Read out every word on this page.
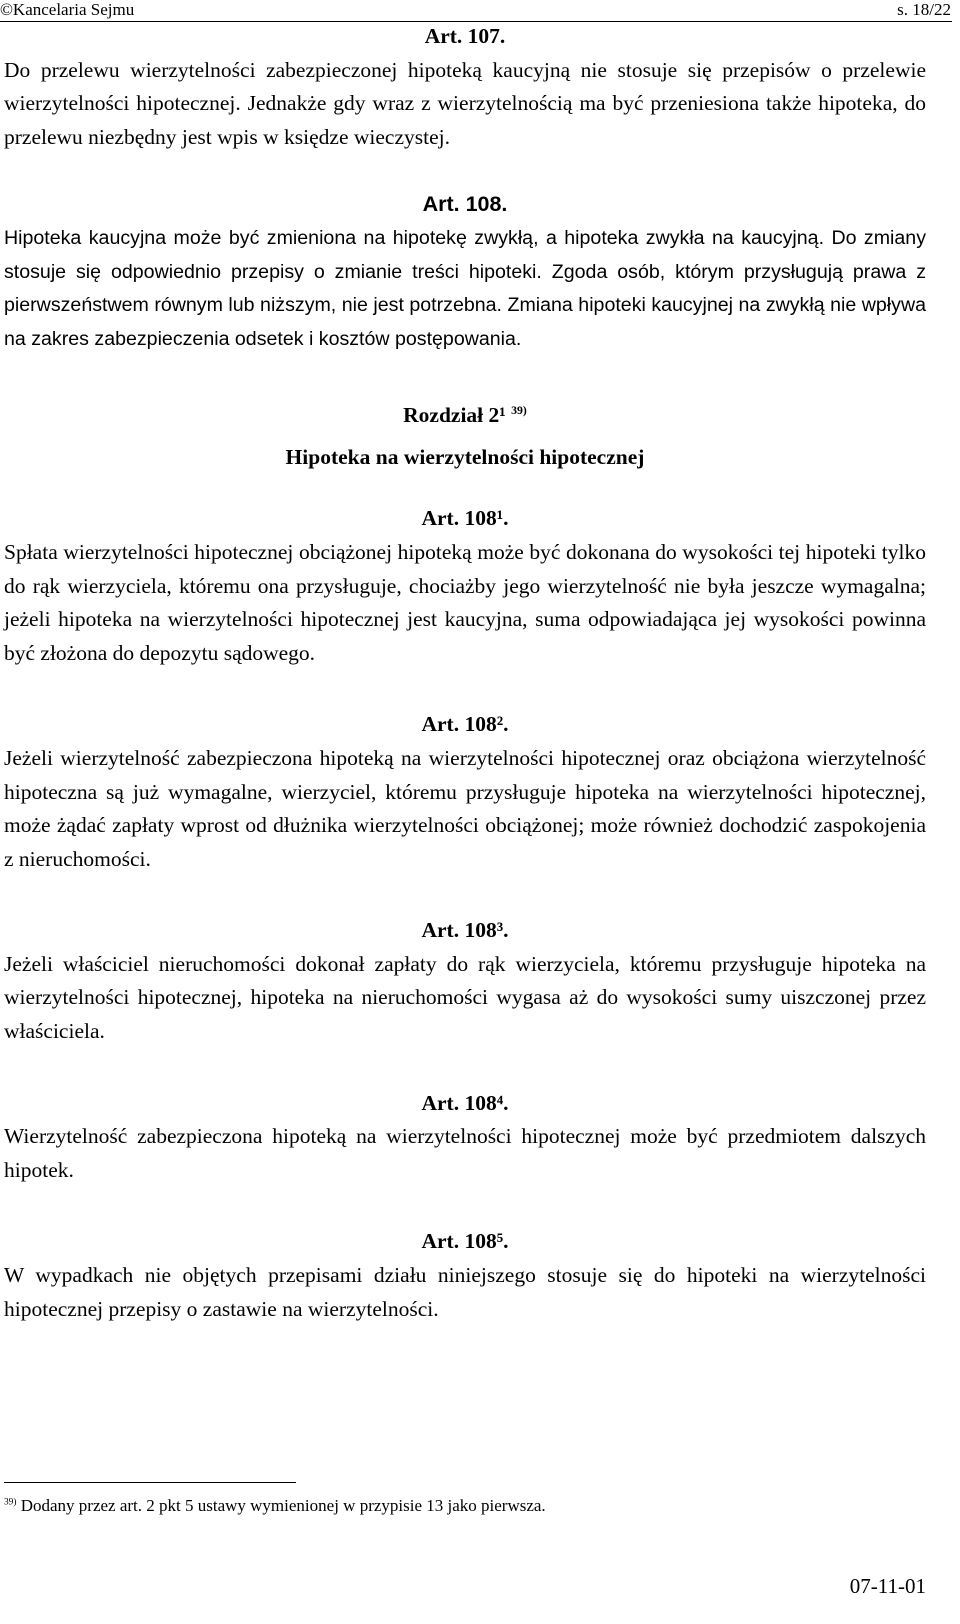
©Kancelaria Sejmu	s. 18/22

Art. 107.

Do przelewu wierzytelności zabezpieczonej hipoteką kaucyjną nie stosuje się przepisów o przelewie wierzytelności hipotecznej. Jednakże gdy wraz z wierzytelnością ma być przeniesiona także hipoteka, do przelewu niezbędny jest wpis w księdze wieczystej.

Art. 108.

Hipoteka kaucyjna może być zmieniona na hipotekę zwykłą, a hipoteka zwykła na kaucyjną. Do zmiany stosuje się odpowiednio przepisy o zmianie treści hipoteki. Zgoda osób, którym przysługują prawa z pierwszeństwem równym lub niższym, nie jest potrzebna. Zmiana hipoteki kaucyjnej na zwykłą nie wpływa na zakres zabezpieczenia odsetek i kosztów postępowania.

Rozdział 2¹ $^{39)}$

Hipoteka na wierzytelności hipotecznej

Art. 108¹.

Spłata wierzytelności hipotecznej obciążonej hipoteką może być dokonana do wysokości tej hipoteki tylko do rąk wierzyciela, któremu ona przysługuje, chociażby jego wierzytelność nie była jeszcze wymagalna; jeżeli hipoteka na wierzytelności hipotecznej jest kaucyjna, suma odpowiadająca jej wysokości powinna być złożona do depozytu sądowego.

Art. 108².

Jeżeli wierzytelność zabezpieczona hipoteką na wierzytelności hipotecznej oraz obciążona wierzytelność hipoteczna są już wymagalne, wierzyciel, któremu przysługuje hipoteka na wierzytelności hipotecznej, może żądać zapłaty wprost od dłużnika wierzytelności obciążonej; może również dochodzić zaspokojenia z nieruchomości.

Art. 108³.

Jeżeli właściciel nieruchomości dokonał zapłaty do rąk wierzyciela, któremu przysługuje hipoteka na wierzytelności hipotecznej, hipoteka na nieruchomości wygasa aż do wysokości sumy uiszczonej przez właściciela.

Art. 108⁴.

Wierzytelność zabezpieczona hipoteką na wierzytelności hipotecznej może być przedmiotem dalszych hipotek.

Art. 108⁵.

W wypadkach nie objętych przepisami działu niniejszego stosuje się do hipoteki na wierzytelności hipotecznej przepisy o zastawie na wierzytelności.

$^{39)}$ Dodany przez art. 2 pkt 5 ustawy wymienionej w przypisie 13 jako pierwsza.
07-11-01
